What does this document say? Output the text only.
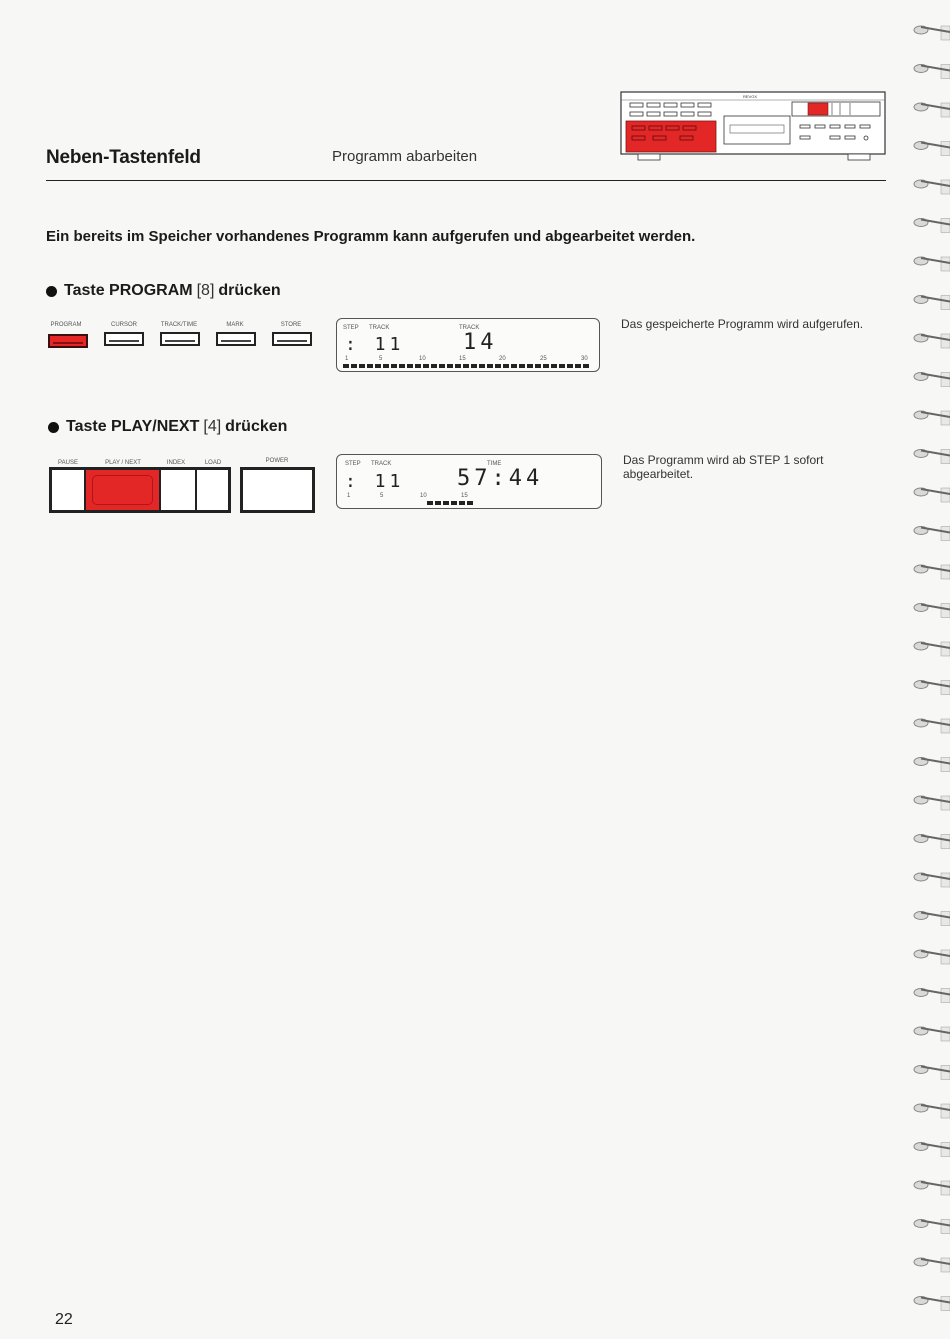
Neben-Tastenfeld	Programm abarbeiten
REVOX
Ein bereits im Speicher vorhandenes Programm kann aufgerufen und abgearbeitet werden.
Taste PROGRAM [8] drücken
PROGRAM	CURSOR	TRACK/TIME	MARK	STORE	STEP TRACK	TRACK
: 11	14
1	5	10	15	20	25	30
Das gespeicherte Programm wird aufgerufen.
Taste PLAY/NEXT [4] drücken
PAUSE	PLAY / NEXT	INDEX	LOAD	POWER	STEP TRACK	TIME
: 11 57:44
1	5	10	15
Das Programm wird ab STEP 1 sofort abgearbeitet.
22
